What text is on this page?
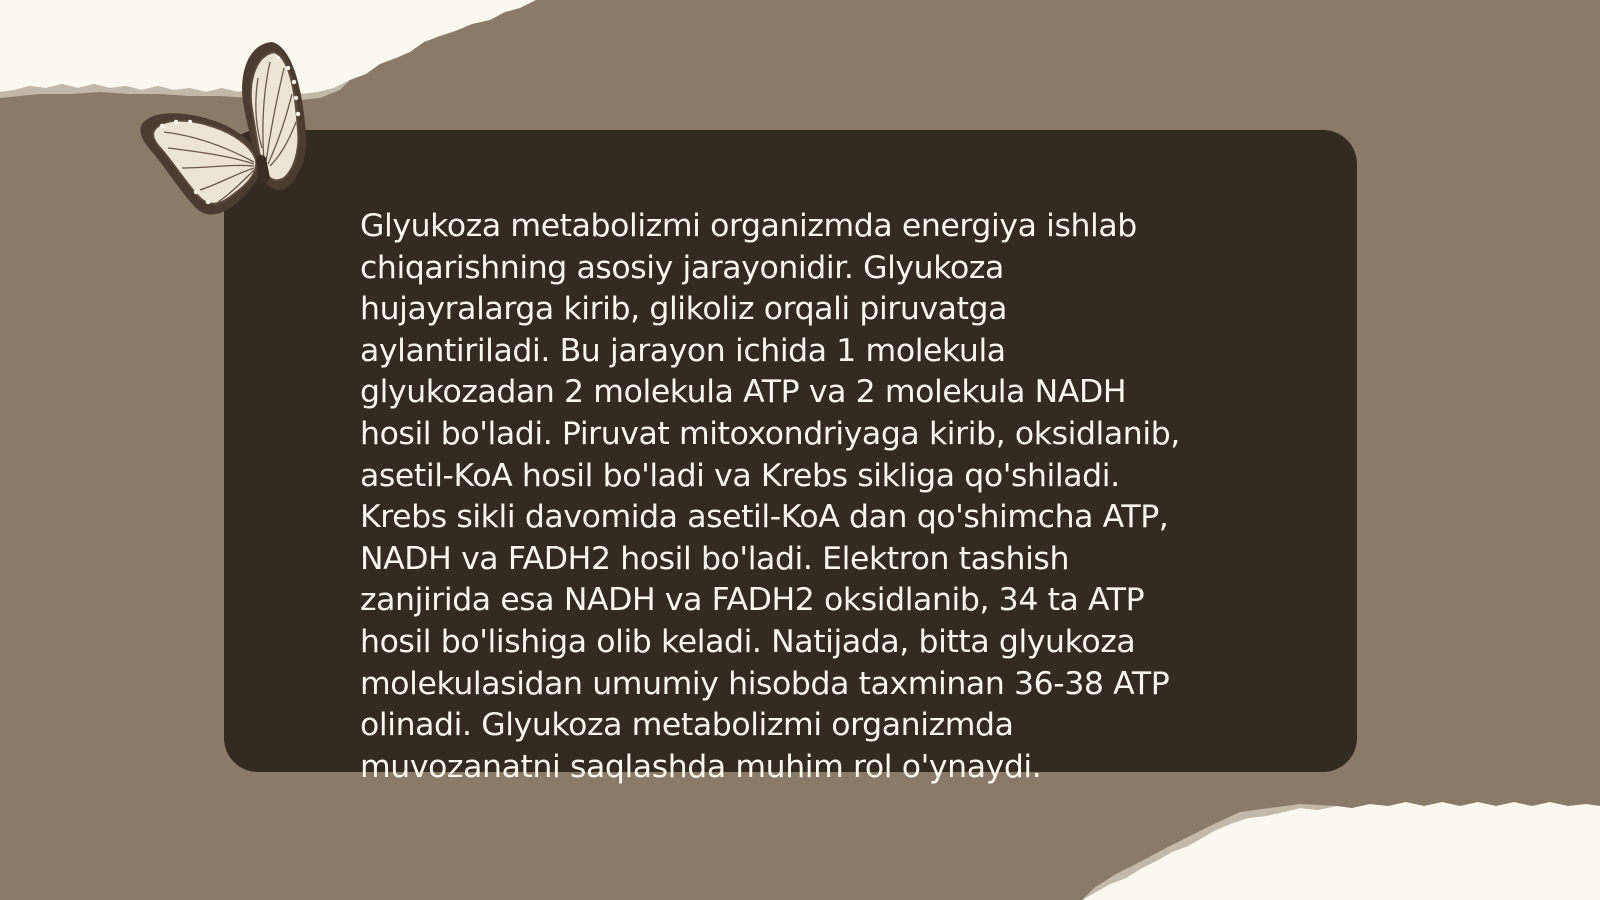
Glyukoza metabolizmi organizmda energiya ishlab
chiqarishning asosiy jarayonidir. Glyukoza
hujayralarga kirib, glikoliz orqali piruvatga
aylantiriladi. Bu jarayon ichida 1 molekula
glyukozadan 2 molekula ATP va 2 molekula NADH
hosil bo'ladi. Piruvat mitoxondriyaga kirib, oksidlanib,
asetil-KoA hosil bo'ladi va Krebs sikliga qo'shiladi.
Krebs sikli davomida asetil-KoA dan qo'shimcha ATP,
NADH va FADH2 hosil bo'ladi. Elektron tashish
zanjirida esa NADH va FADH2 oksidlanib, 34 ta ATP
hosil bo'lishiga olib keladi. Natijada, bitta glyukoza
molekulasidan umumiy hisobda taxminan 36-38 ATP
olinadi. Glyukoza metabolizmi organizmda
muvozanatni saqlashda muhim rol o'ynaydi.
